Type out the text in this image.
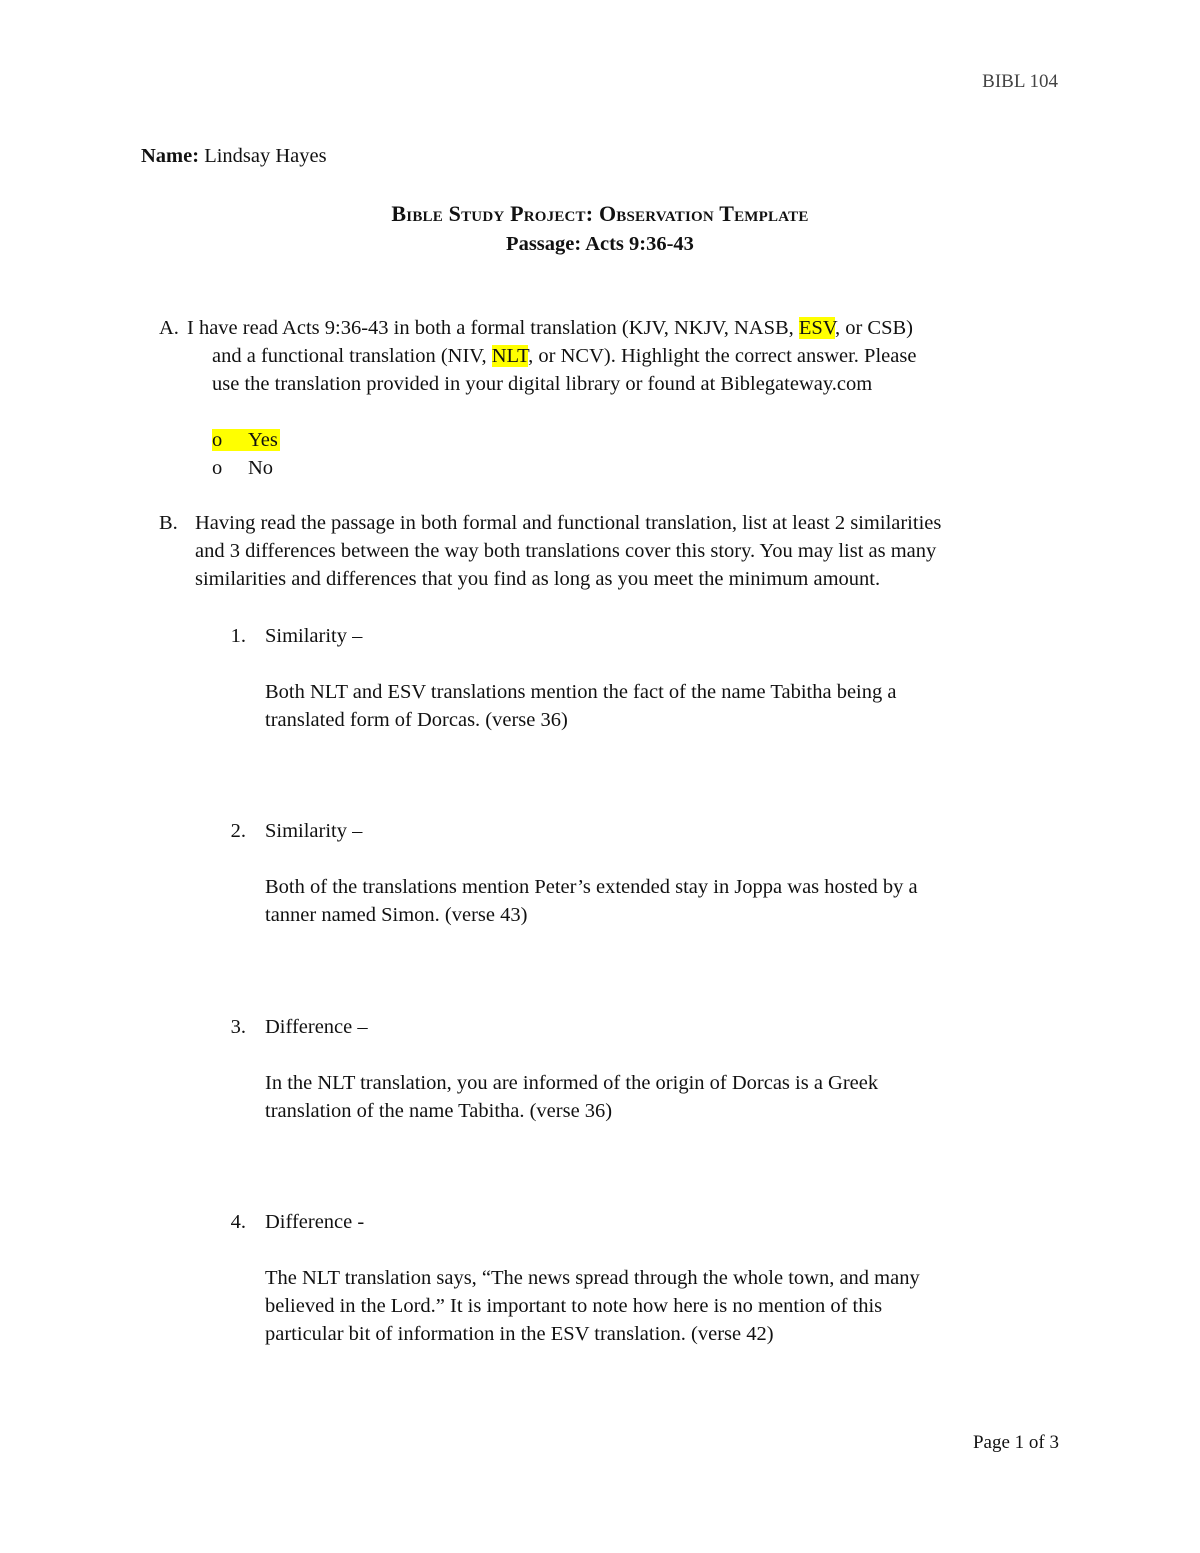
BIBL 104
Name: Lindsay Hayes
Bible Study Project: Observation Template
Passage: Acts 9:36-43
A. I have read Acts 9:36-43 in both a formal translation (KJV, NKJV, NASB, ESV, or CSB)
and a functional translation (NIV, NLT, or NCV). Highlight the correct answer. Please
use the translation provided in your digital library or found at Biblegateway.com
o Yes
o No
B. Having read the passage in both formal and functional translation, list at least 2 similarities
and 3 differences between the way both translations cover this story. You may list as many
similarities and differences that you find as long as you meet the minimum amount.
1. Similarity –
Both NLT and ESV translations mention the fact of the name Tabitha being a
translated form of Dorcas. (verse 36)
2. Similarity –
Both of the translations mention Peter’s extended stay in Joppa was hosted by a
tanner named Simon. (verse 43)
3. Difference –
In the NLT translation, you are informed of the origin of Dorcas is a Greek
translation of the name Tabitha. (verse 36)
4. Difference -
The NLT translation says, “The news spread through the whole town, and many
believed in the Lord.” It is important to note how here is no mention of this
particular bit of information in the ESV translation. (verse 42)
Page 1 of 3
